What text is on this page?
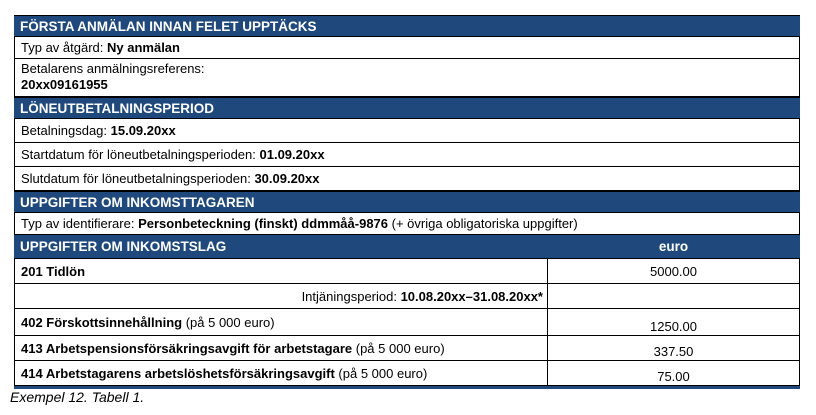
FÖRSTA ANMÄLAN INNAN FELET UPPTÄCKS
Typ av åtgärd: Ny anmälan
Betalarens anmälningsreferens:
20xx09161955
LÖNEUTBETALNINGSPERIOD
Betalningsdag: 15.09.20xx
Startdatum för löneutbetalningsperioden: 01.09.20xx
Slutdatum för löneutbetalningsperioden: 30.09.20xx
UPPGIFTER OM INKOMSTTAGAREN
Typ av identifierare: Personbeteckning (finskt) ddmmåå-9876 (+ övriga obligatoriska uppgifter)
UPPGIFTER OM INKOMSTSLAG	euro
201 Tidlön	5000.00
Intjäningsperiod: 10.08.20xx–31.08.20xx*
402 Förskottsinnehållning (på 5 000 euro)	1250.00
413 Arbetspensionsförsäkringsavgift för arbetstagare (på 5 000 euro)	337.50
414 Arbetstagarens arbetslöshetsförsäkringsavgift (på 5 000 euro)	75.00
Exempel 12. Tabell 1.
